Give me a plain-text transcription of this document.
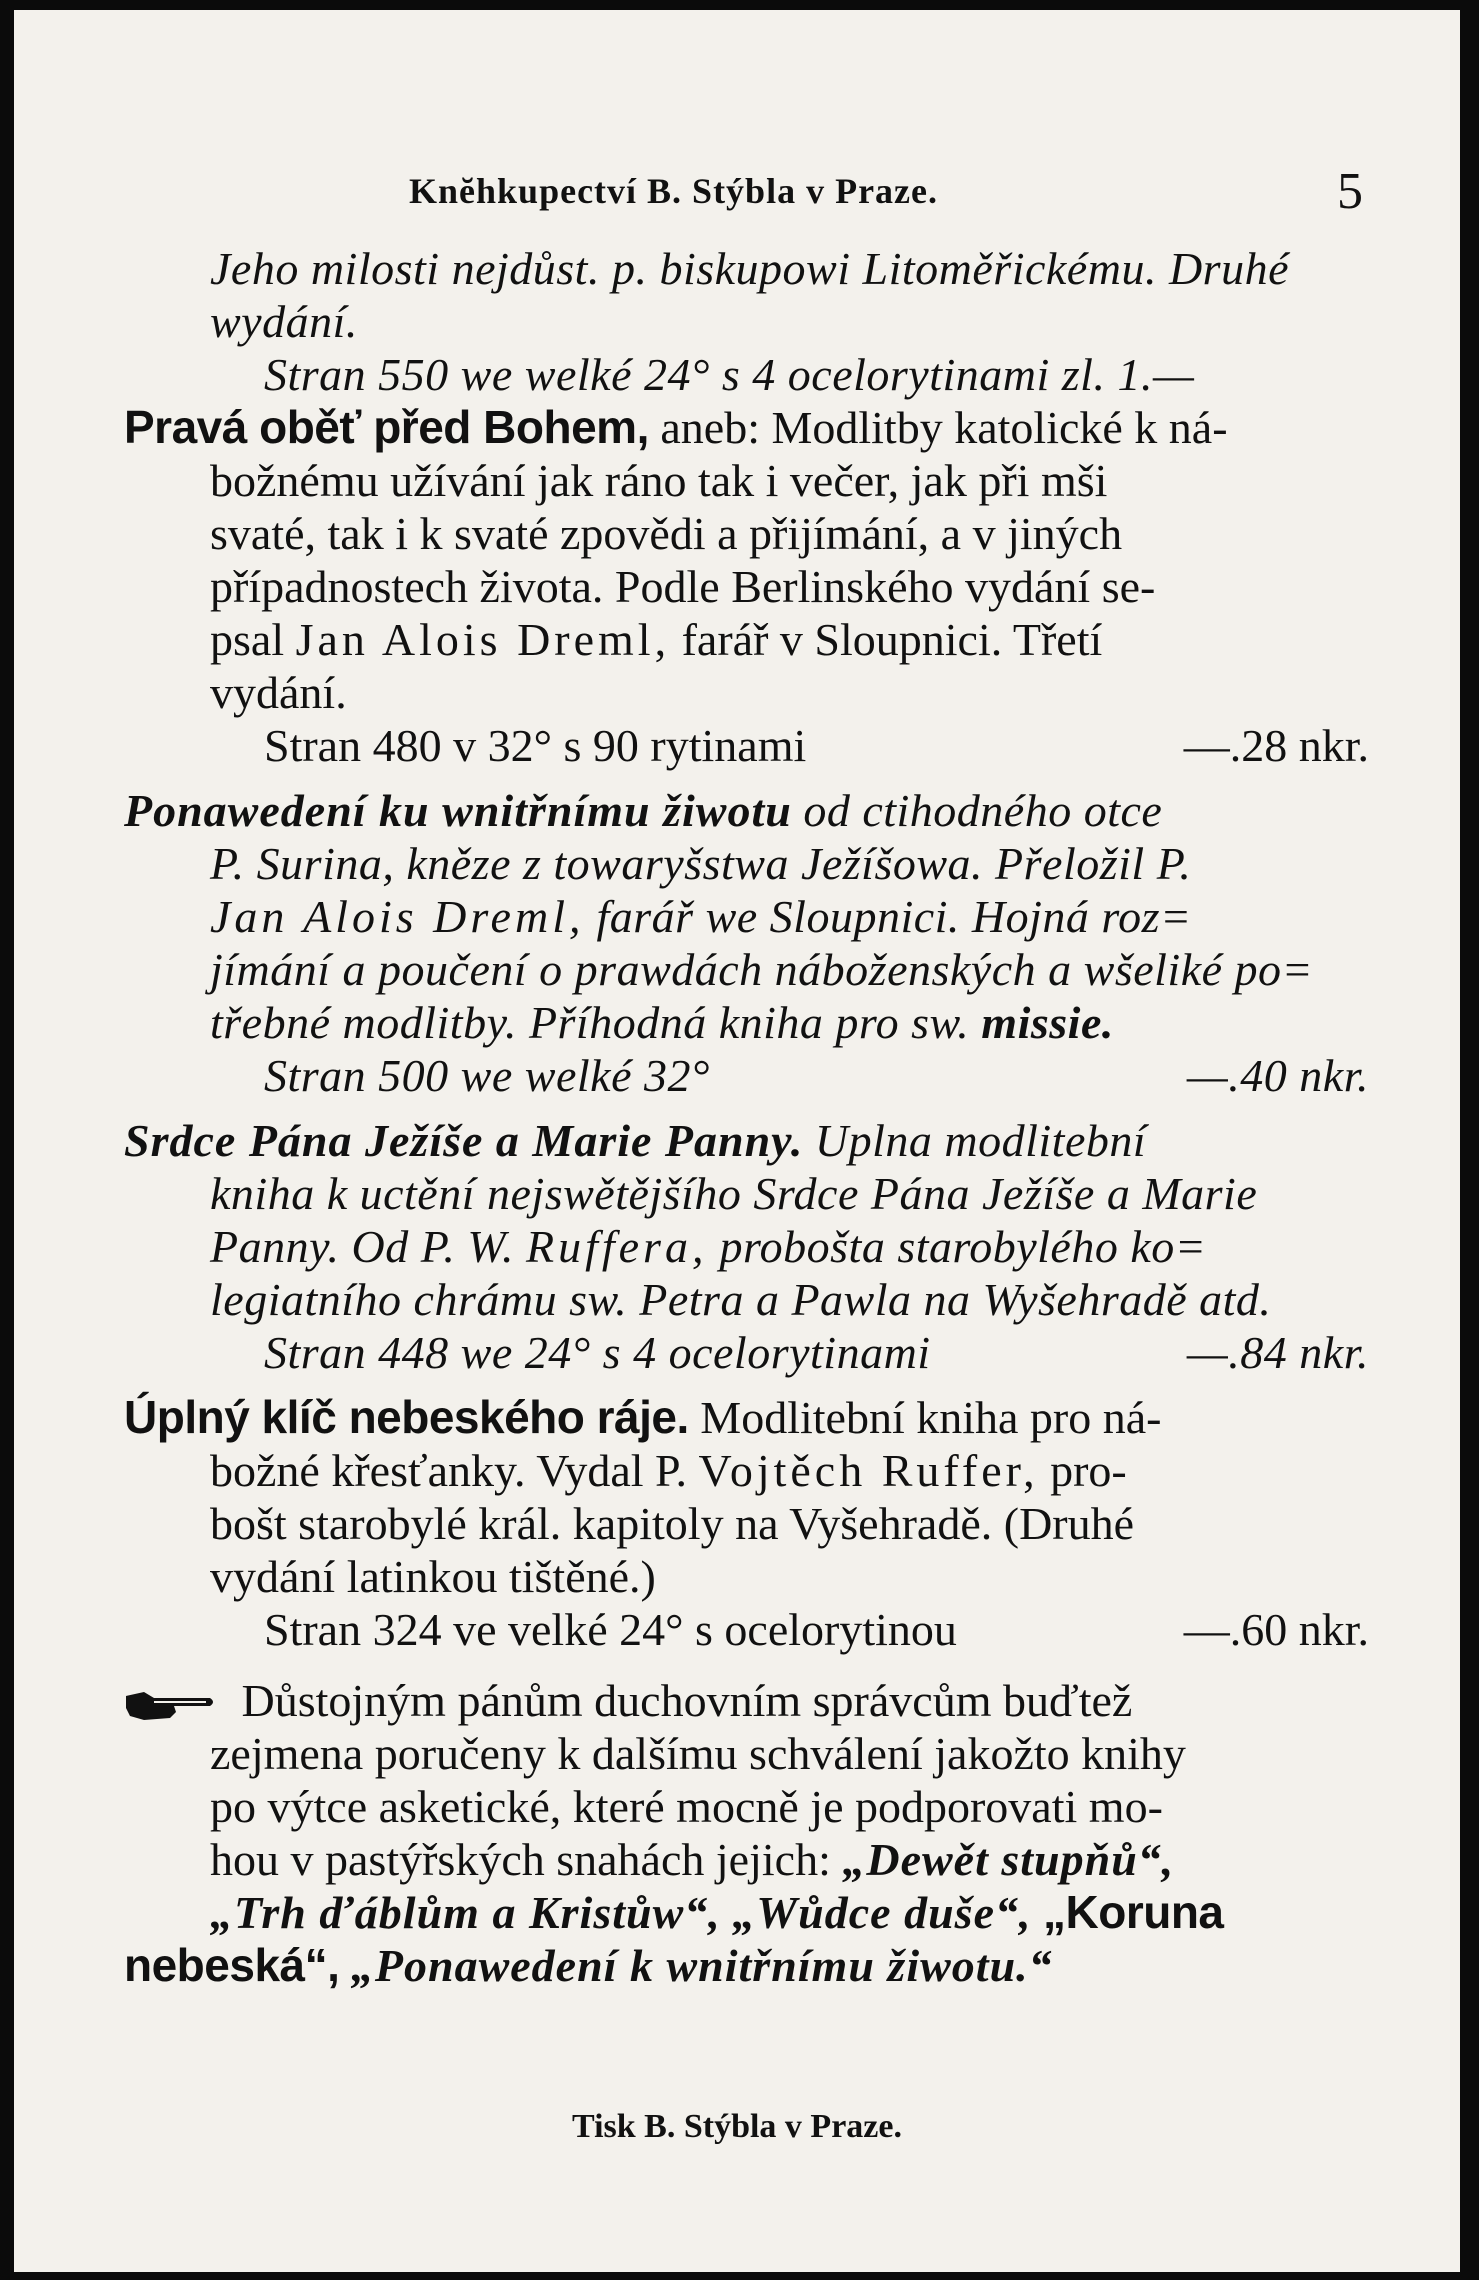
Knĕhkupectví B. Stýbla v Praze.	5
Jeho milosti nejdůst. p. biskupowi Litoměřickému. Druhé
wydání.
Stran 550 we welké 24° s 4 ocelorytinami zl. 1.—
Pravá oběť před Bohem, aneb: Modlitby katolické k ná-
božnému užívání jak ráno tak i večer, jak při mši
svaté, tak i k svaté zpovědi a přijímání, a v jiných
případnostech života. Podle Berlinského vydání se-
psal Jan Alois Dreml, farář v Sloupnici. Třetí
vydání.
Stran 480 v 32° s 90 rytinami	—.28 nkr.
Ponawedení ku wnitřnímu žiwotu od ctihodného otce
P. Surina, kněze z towaryšstwa Ježíšowa. Přeložil P.
Jan Alois Dreml, farář we Sloupnici. Hojná roz=
jímání a poučení o prawdách náboženských a wšeliké po=
třebné modlitby. Příhodná kniha pro sw. missie.
Stran 500 we welké 32°	—.40 nkr.
Srdce Pána Ježíše a Marie Panny. Uplna modlitební
kniha k uctění nejswětějšího Srdce Pána Ježíše a Marie
Panny. Od P. W. Ruffera, probošta starobylého ko=
legiatního chrámu sw. Petra a Pawla na Wyšehradě atd.
Stran 448 we 24° s 4 ocelorytinami	—.84 nkr.
Úplný klíč nebeského ráje. Modlitební kniha pro ná-
božné křesťanky. Vydal P. Vojtěch Ruffer, pro-
bošt starobylé král. kapitoly na Vyšehradě. (Druhé
vydání latinkou tištěné.)
Stran 324 ve velké 24° s ocelorytinou	—.60 nkr.
Důstojným pánům duchovním správcům buďtež
zejmena poručeny k dalšímu schválení jakožto knihy
po výtce asketické, které mocně je podporovati mo-
hou v pastýřských snahách jejich: „Dewět stupňů“,
„Trh ďáblům a Kristůw“, „Wůdce duše“, „Koruna
nebeská“, „Ponawedení k wnitřnímu žiwotu.“
Tisk B. Stýbla v Praze.
